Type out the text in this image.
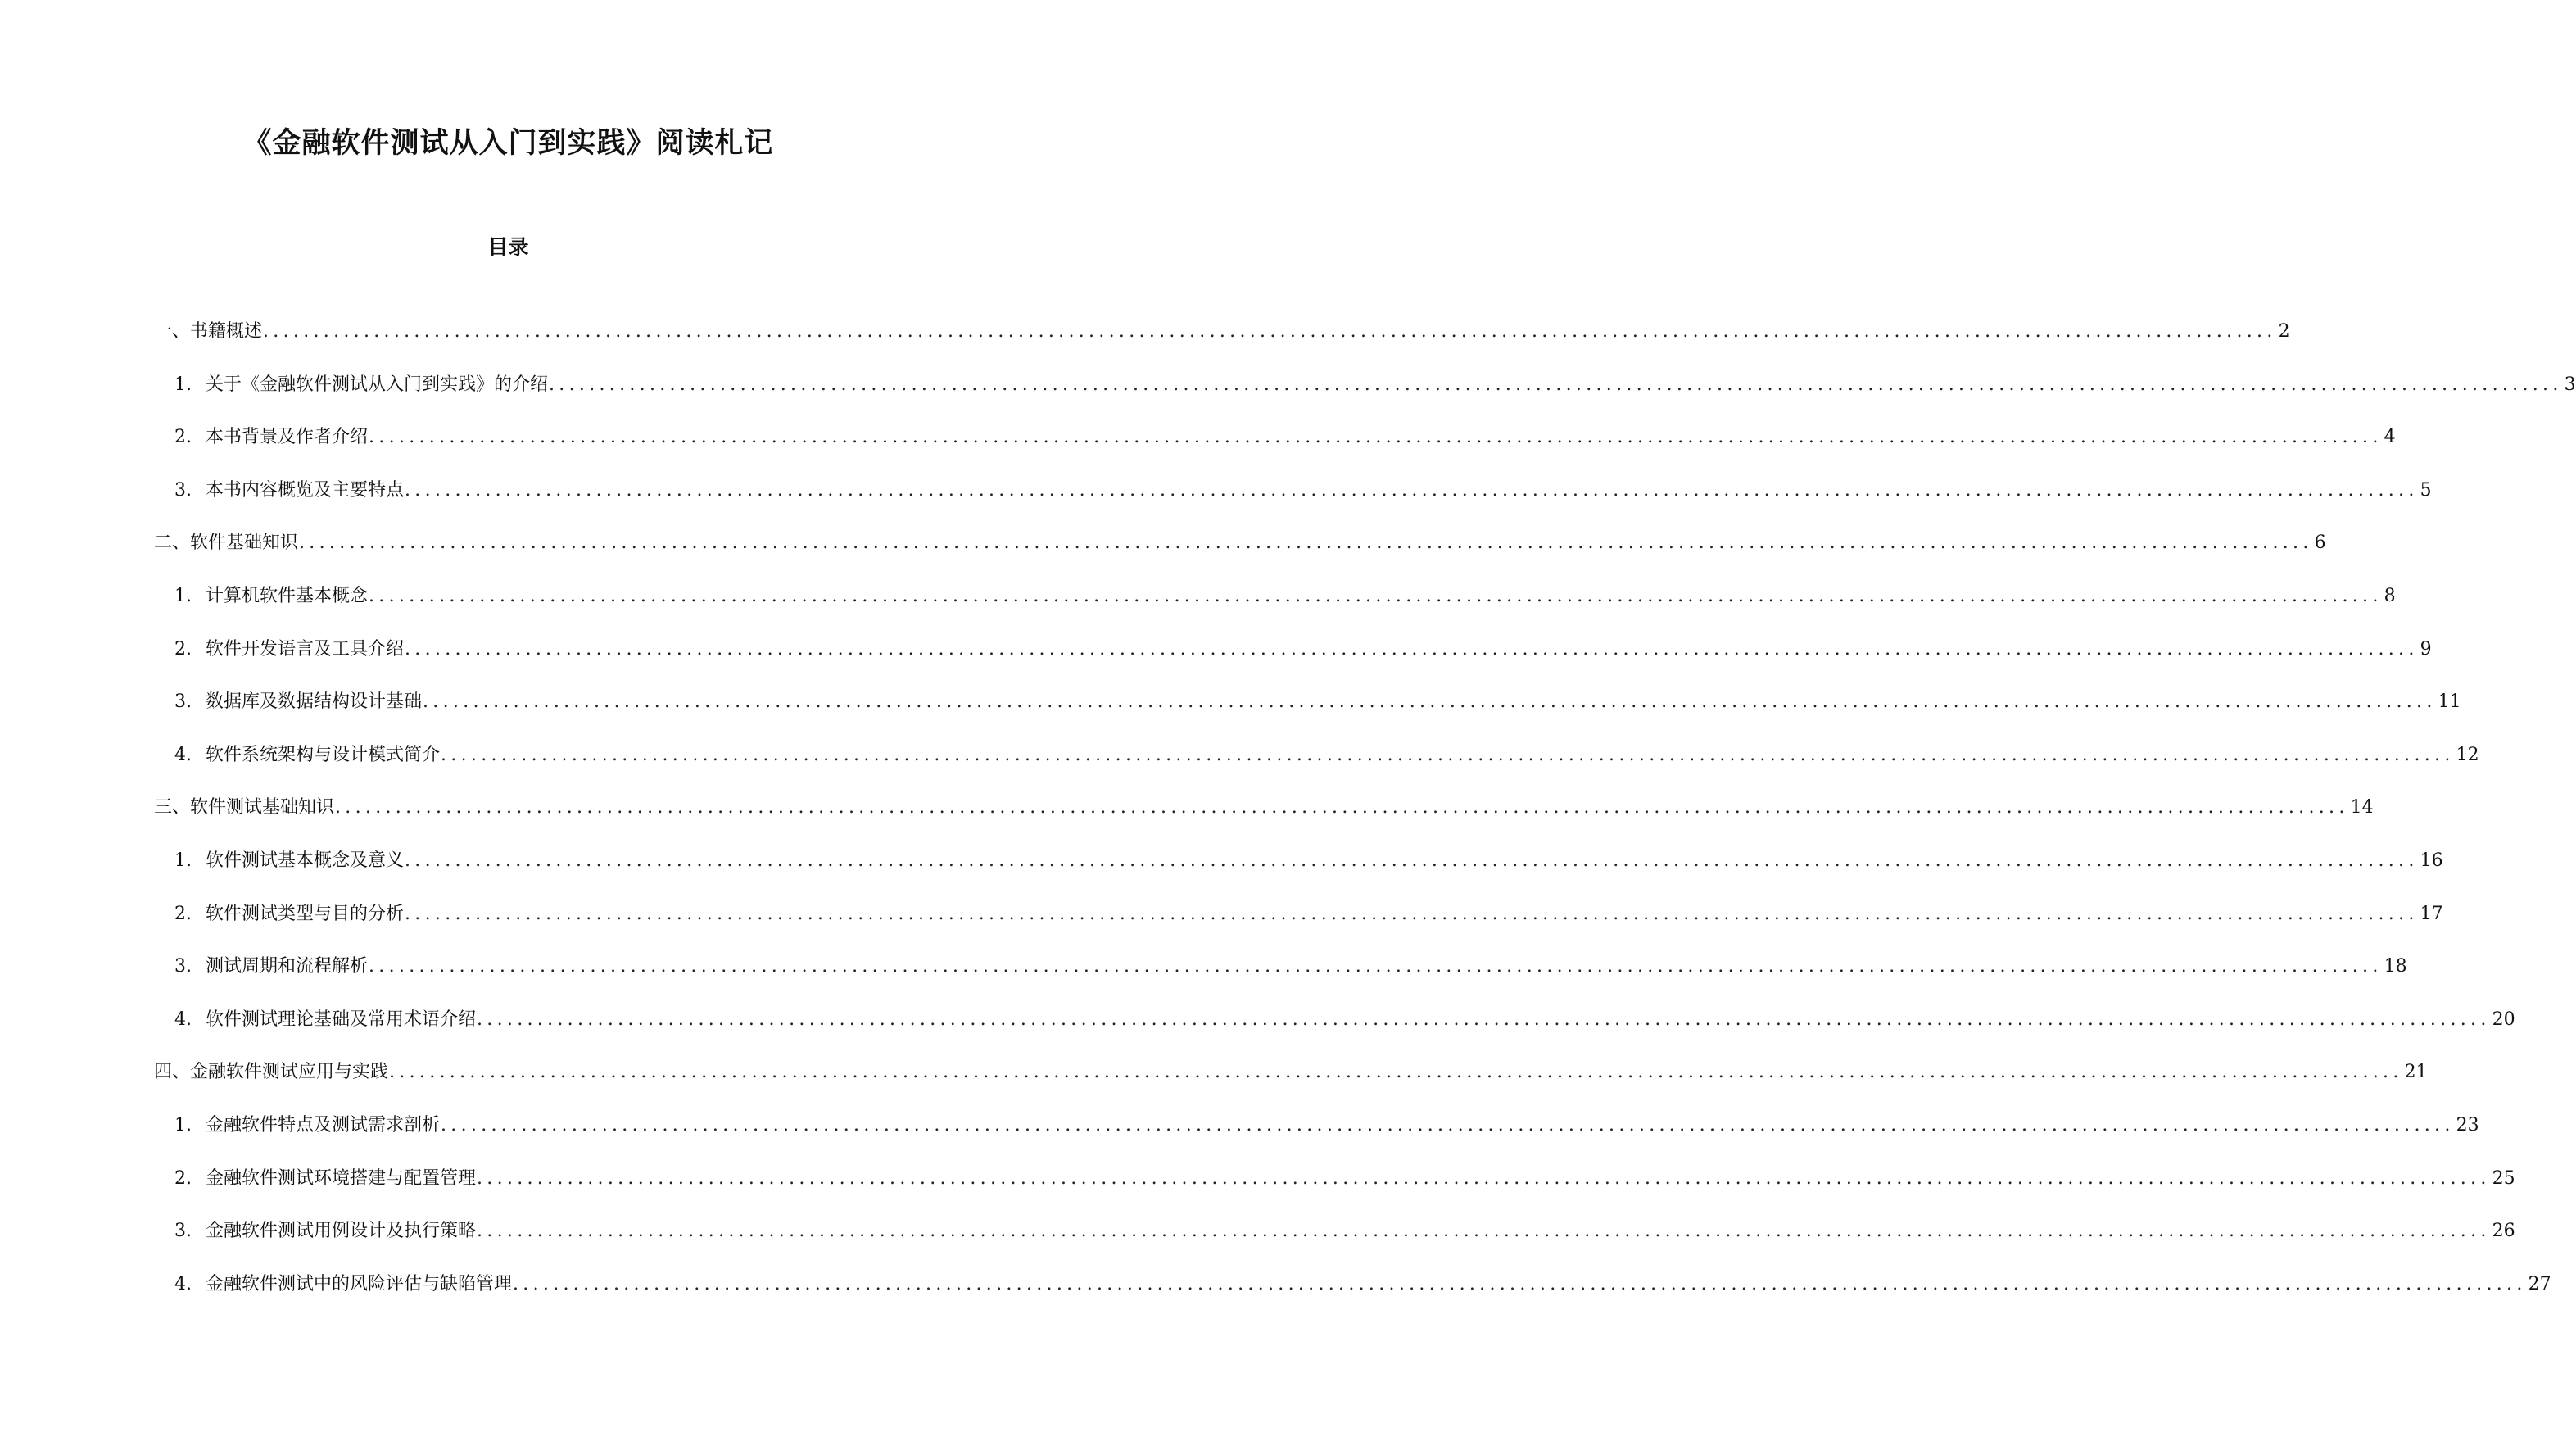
《金融软件测试从入门到实践》阅读札记
目录
一、书籍概述 ........................................................................................................................................................................................................ 2
1. 关于《金融软件测试从入门到实践》的介绍 ........................................................................................................................................................................................................ 3
2. 本书背景及作者介绍 ........................................................................................................................................................................................................ 4
3. 本书内容概览及主要特点 ........................................................................................................................................................................................................ 5
二、软件基础知识 ........................................................................................................................................................................................................ 6
1. 计算机软件基本概念 ........................................................................................................................................................................................................ 8
2. 软件开发语言及工具介绍 ........................................................................................................................................................................................................ 9
3. 数据库及数据结构设计基础 ........................................................................................................................................................................................................ 11
4. 软件系统架构与设计模式简介 ........................................................................................................................................................................................................ 12
三、软件测试基础知识 ........................................................................................................................................................................................................ 14
1. 软件测试基本概念及意义 ........................................................................................................................................................................................................ 16
2. 软件测试类型与目的分析 ........................................................................................................................................................................................................ 17
3. 测试周期和流程解析 ........................................................................................................................................................................................................ 18
4. 软件测试理论基础及常用术语介绍 ........................................................................................................................................................................................................ 20
四、金融软件测试应用与实践 ........................................................................................................................................................................................................ 21
1. 金融软件特点及测试需求剖析 ........................................................................................................................................................................................................ 23
2. 金融软件测试环境搭建与配置管理 ........................................................................................................................................................................................................ 25
3. 金融软件测试用例设计及执行策略 ........................................................................................................................................................................................................ 26
4. 金融软件测试中的风险评估与缺陷管理 ........................................................................................................................................................................................................ 27
